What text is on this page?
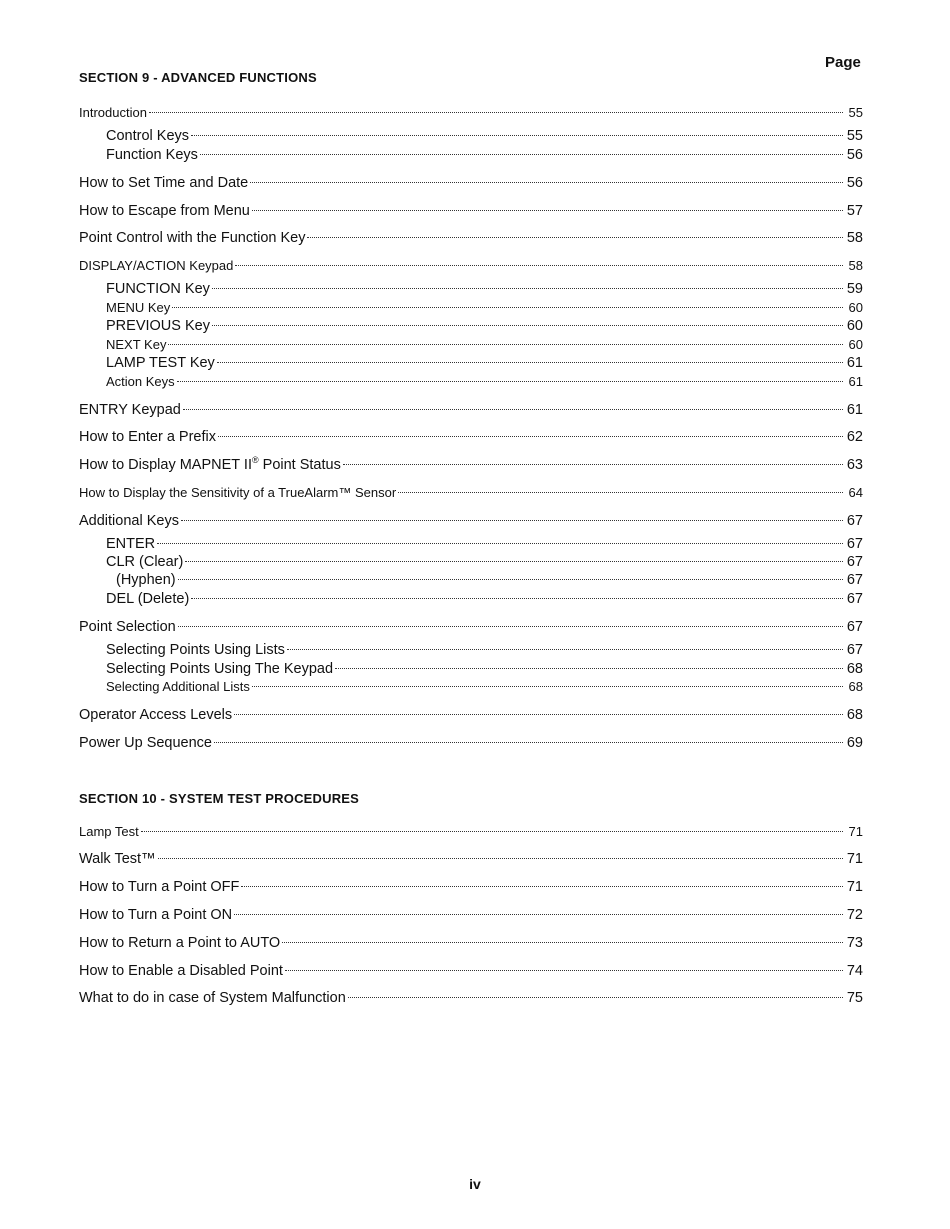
Page
SECTION 9 - ADVANCED FUNCTIONS
Introduction	55
Control Keys	55
Function Keys	56
How to Set Time and Date	56
How to Escape from Menu	57
Point Control with the Function Key	58
DISPLAY/ACTION Keypad	58
FUNCTION Key	59
MENU Key	60
PREVIOUS Key	60
NEXT Key	60
LAMP TEST Key	61
Action Keys	61
ENTRY Keypad	61
How to Enter a Prefix	62
How to Display MAPNET II® Point Status	63
How to Display the Sensitivity of a TrueAlarm™ Sensor	64
Additional Keys	67
ENTER	67
CLR (Clear)	67
(Hyphen)	67
DEL (Delete)	67
Point Selection	67
Selecting Points Using Lists	67
Selecting Points Using The Keypad	68
Selecting Additional Lists	68
Operator Access Levels	68
Power Up Sequence	69
SECTION 10 - SYSTEM TEST PROCEDURES
Lamp Test	71
Walk Test™	71
How to Turn a Point OFF	71
How to Turn a Point ON	72
How to Return a Point to AUTO	73
How to Enable a Disabled Point	74
What to do in case of System Malfunction	75
iv
